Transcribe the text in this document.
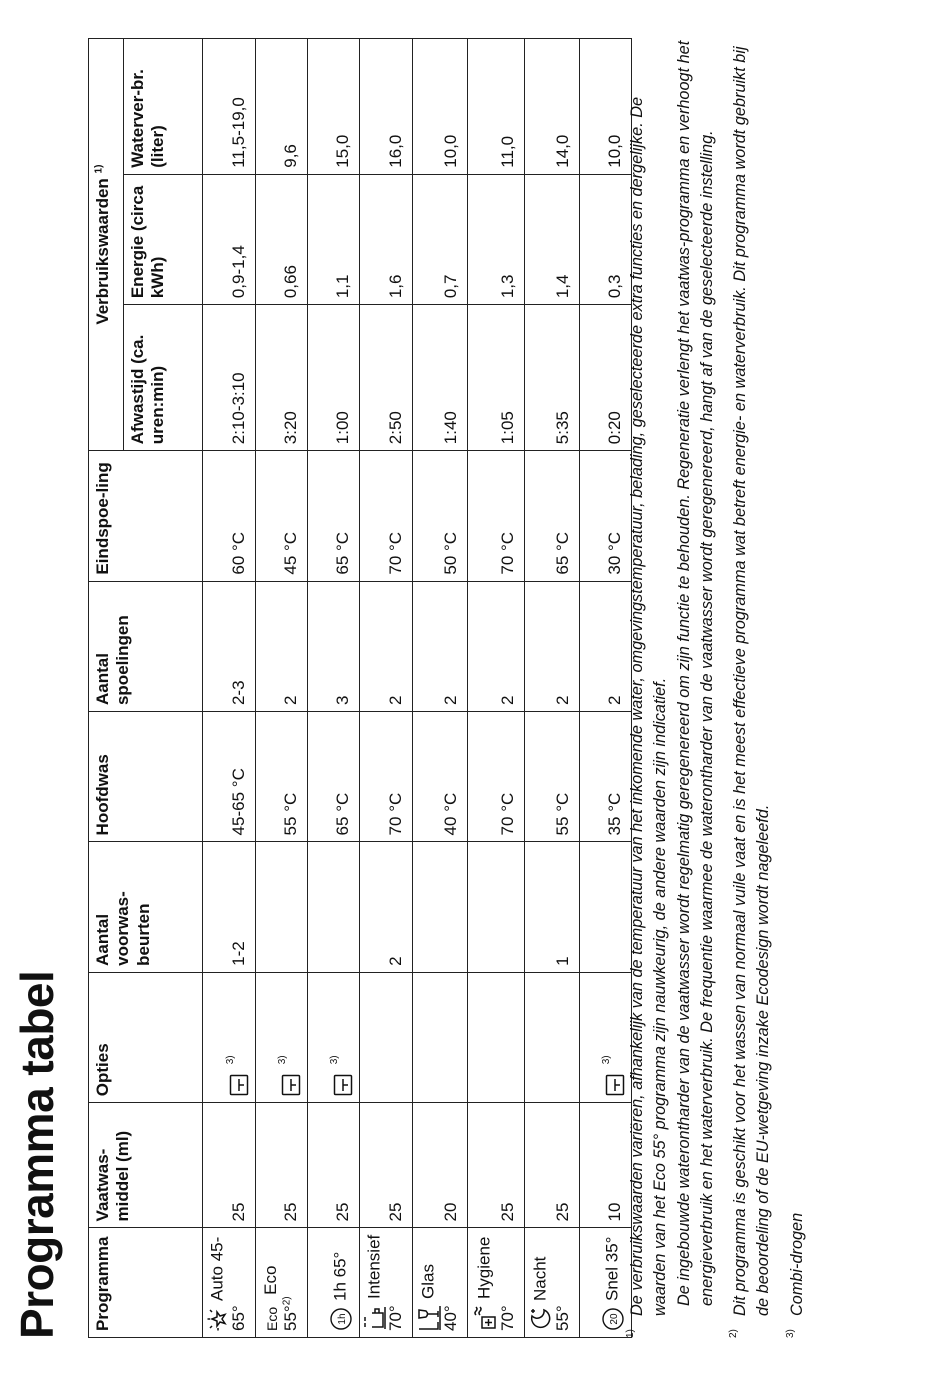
Programma tabel Programma	Vaatwas-middel (ml)	Opties	Aantal voorwas-beurten	Hoofdwas	Aantal spoelingen	Eindspoe-ling	Verbruikswaarden $^{1)}$
							Afwastijd (ca. uren:min)	Energie (circa kWh)	Waterver-br. (liter)

Auto 45-65°	25	$^{3)}$	1-2	45-65 °C	2-3	60 °C	2:10-3:10	0,9-1,4	11,5-19,0
EcoEco 55°$^{2)}$	25	$^{3)}$		55 °C	2	45 °C	3:20	0,66	9,6

1h
1h 65°	25	$^{3)}$		65 °C	3	65 °C	1:00	1,1	15,0

Intensief 70°	25		2	70 °C	2	70 °C	2:50	1,6	16,0

Glas 40°	20			40 °C	2	50 °C	1:40	0,7	10,0

Hygiene 70°	25			70 °C	2	70 °C	1:05	1,3	11,0

Nacht 55°	25		1	55 °C	2	65 °C	5:35	1,4	14,0

20
Snel 35°	10	$^{3)}$		35 °C	2	30 °C	0:20	0,3	10,0
1)

De verbruikswaarden variëren, afhankelijk van de temperatuur van het inkomende water, omgevingstemperatuur, belading, geselecteerde extra functies en dergelijke. De waarden van het Eco 55° programma zijn nauwkeurig, de andere waarden zijn indicatief. De ingebouwde waterontharder van de vaatwasser wordt regelmatig geregenereerd om zijn functie te behouden. Regeneratie verlengt het vaatwas-programma en verhoogt het energieverbruik en het waterverbruik. De frequentie waarmee de waterontharder van de vaatwasser wordt geregenereerd, hangt af van de geselecteerde instelling.

2)

Dit programma is geschikt voor het wassen van normaal vuile vaat en is het meest effectieve programma wat betreft energie- en waterverbruik. Dit programma wordt gebruikt bij de beoordeling of de EU-wetgeving inzake Ecodesign wordt nageleefd.

3)

Combi-drogen
